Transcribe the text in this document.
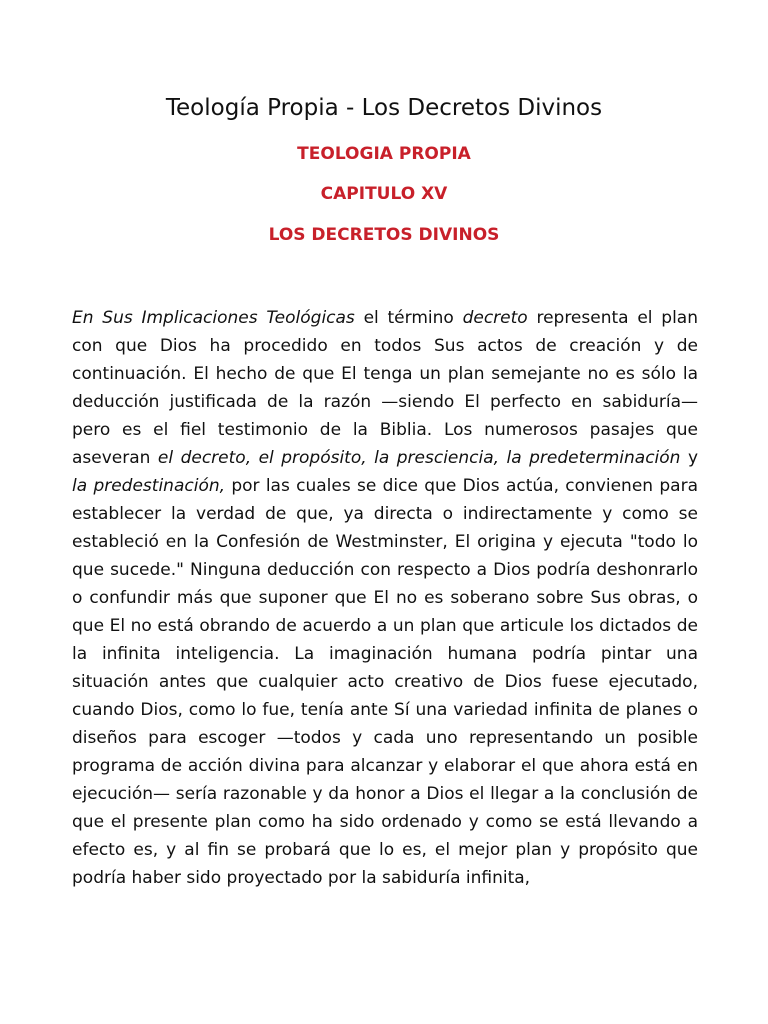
Teología Propia - Los Decretos Divinos
TEOLOGIA PROPIA
CAPITULO XV
LOS DECRETOS DIVINOS

En Sus Implicaciones Teológicas el término decreto representa el plan con que Dios ha procedido en todos Sus actos de creación y de continuación. El hecho de que El tenga un plan semejante no es sólo la deducción justificada de la razón —siendo El perfecto en sabiduría— pero es el fiel testimonio de la Biblia. Los numerosos pasajes que aseveran el decreto, el propósito, la presciencia, la predeterminación y la predestinación, por las cuales se dice que Dios actúa, convienen para establecer la verdad de que, ya directa o indirectamente y como se estableció en la Confesión de Westminster, El origina y ejecuta "todo lo que sucede." Ninguna deducción con respecto a Dios podría deshonrarlo o confundir más que suponer que El no es soberano sobre Sus obras, o que El no está obrando de acuerdo a un plan que articule los dictados de la infinita inteligencia. La imaginación humana podría pintar una situación antes que cualquier acto creativo de Dios fuese ejecutado, cuando Dios, como lo fue, tenía ante Sí una variedad infinita de planes o diseños para escoger —todos y cada uno representando un posible programa de acción divina para alcanzar y elaborar el que ahora está en ejecución— sería razonable y da honor a Dios el llegar a la conclusión de que el presente plan como ha sido ordenado y como se está llevando a efecto es, y al fin se probará que lo es, el mejor plan y propósito que podría haber sido proyectado por la sabiduría infinita,
